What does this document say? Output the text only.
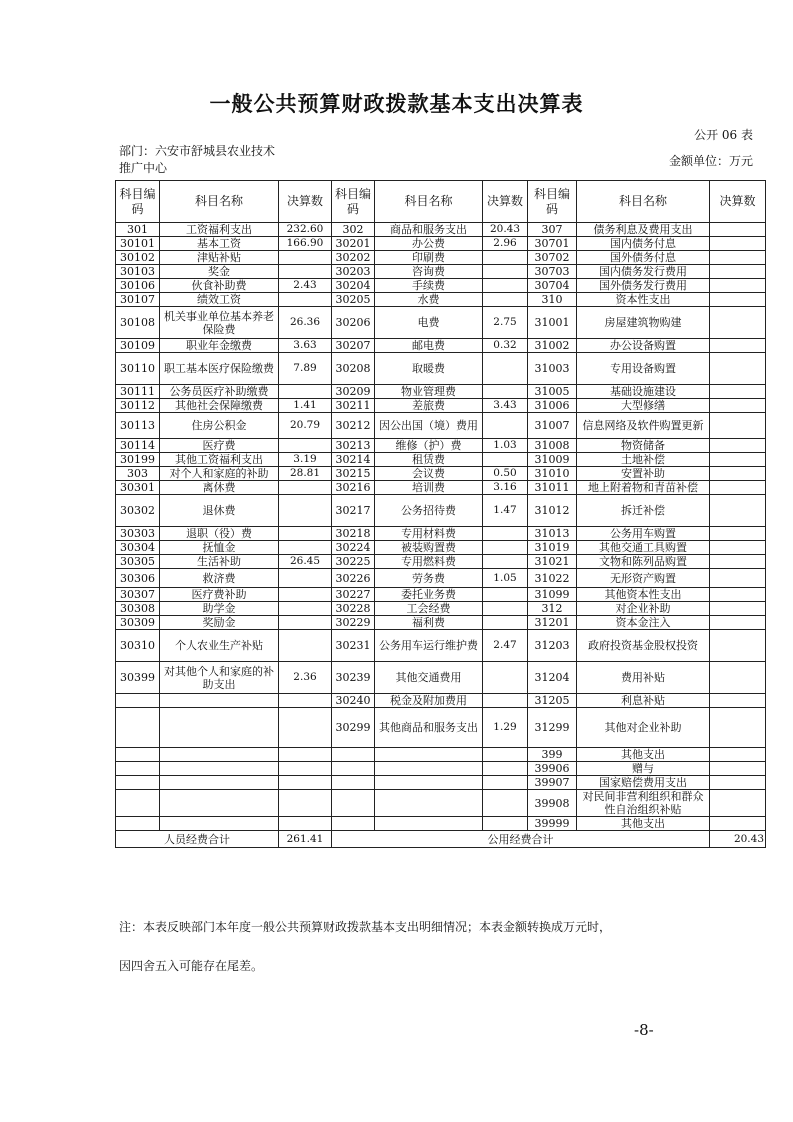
一般公共预算财政拨款基本支出决算表
公开 06 表
部门：六安市舒城县农业技术推广中心	金额单位：万元
科目编码	科目名称	决算数	科目编码	科目名称	决算数	科目编码	科目名称	决算数
301	工资福利支出	232.60	302	商品和服务支出	20.43	307	债务利息及费用支出	
30101	基本工资	166.90	30201	办公费	2.96	30701	国内债务付息	
30102	津贴补贴		30202	印刷费		30702	国外债务付息	
30103	奖金		30203	咨询费		30703	国内债务发行费用	
30106	伙食补助费	2.43	30204	手续费		30704	国外债务发行费用	
30107	绩效工资		30205	水费		310	资本性支出	
30108	机关事业单位基本养老保险费	26.36	30206	电费	2.75	31001	房屋建筑物购建	
30109	职业年金缴费	3.63	30207	邮电费	0.32	31002	办公设备购置	
30110	职工基本医疗保险缴费	7.89	30208	取暖费		31003	专用设备购置	
30111	公务员医疗补助缴费		30209	物业管理费		31005	基础设施建设	
30112	其他社会保障缴费	1.41	30211	差旅费	3.43	31006	大型修缮	
30113	住房公积金	20.79	30212	因公出国（境）费用		31007	信息网络及软件购置更新	
30114	医疗费		30213	维修（护）费	1.03	31008	物资储备	
30199	其他工资福利支出	3.19	30214	租赁费		31009	土地补偿	
303	对个人和家庭的补助	28.81	30215	会议费	0.50	31010	安置补助	
30301	离休费		30216	培训费	3.16	31011	地上附着物和青苗补偿	
30302	退休费		30217	公务招待费	1.47	31012	拆迁补偿	
30303	退职（役）费		30218	专用材料费		31013	公务用车购置	
30304	抚恤金		30224	被装购置费		31019	其他交通工具购置	
30305	生活补助	26.45	30225	专用燃料费		31021	文物和陈列品购置	
30306	救济费		30226	劳务费	1.05	31022	无形资产购置	
30307	医疗费补助		30227	委托业务费		31099	其他资本性支出	
30308	助学金		30228	工会经费		312	对企业补助	
30309	奖励金		30229	福利费		31201	资本金注入	
30310	个人农业生产补贴		30231	公务用车运行维护费	2.47	31203	政府投资基金股权投资	
30399	对其他个人和家庭的补助支出	2.36	30239	其他交通费用		31204	费用补贴	
			30240	税金及附加费用		31205	利息补贴	
			30299	其他商品和服务支出	1.29	31299	其他对企业补助	
						399	其他支出	
						39906	赠与	
						39907	国家赔偿费用支出	
						39908	对民间非营利组织和群众性自治组织补贴	
						39999	其他支出	
人员经费合计		261.41	公用经费合计					20.43
注：本表反映部门本年度一般公共预算财政拨款基本支出明细情况；本表金额转换成万元时，
因四舍五入可能存在尾差。
-8-
